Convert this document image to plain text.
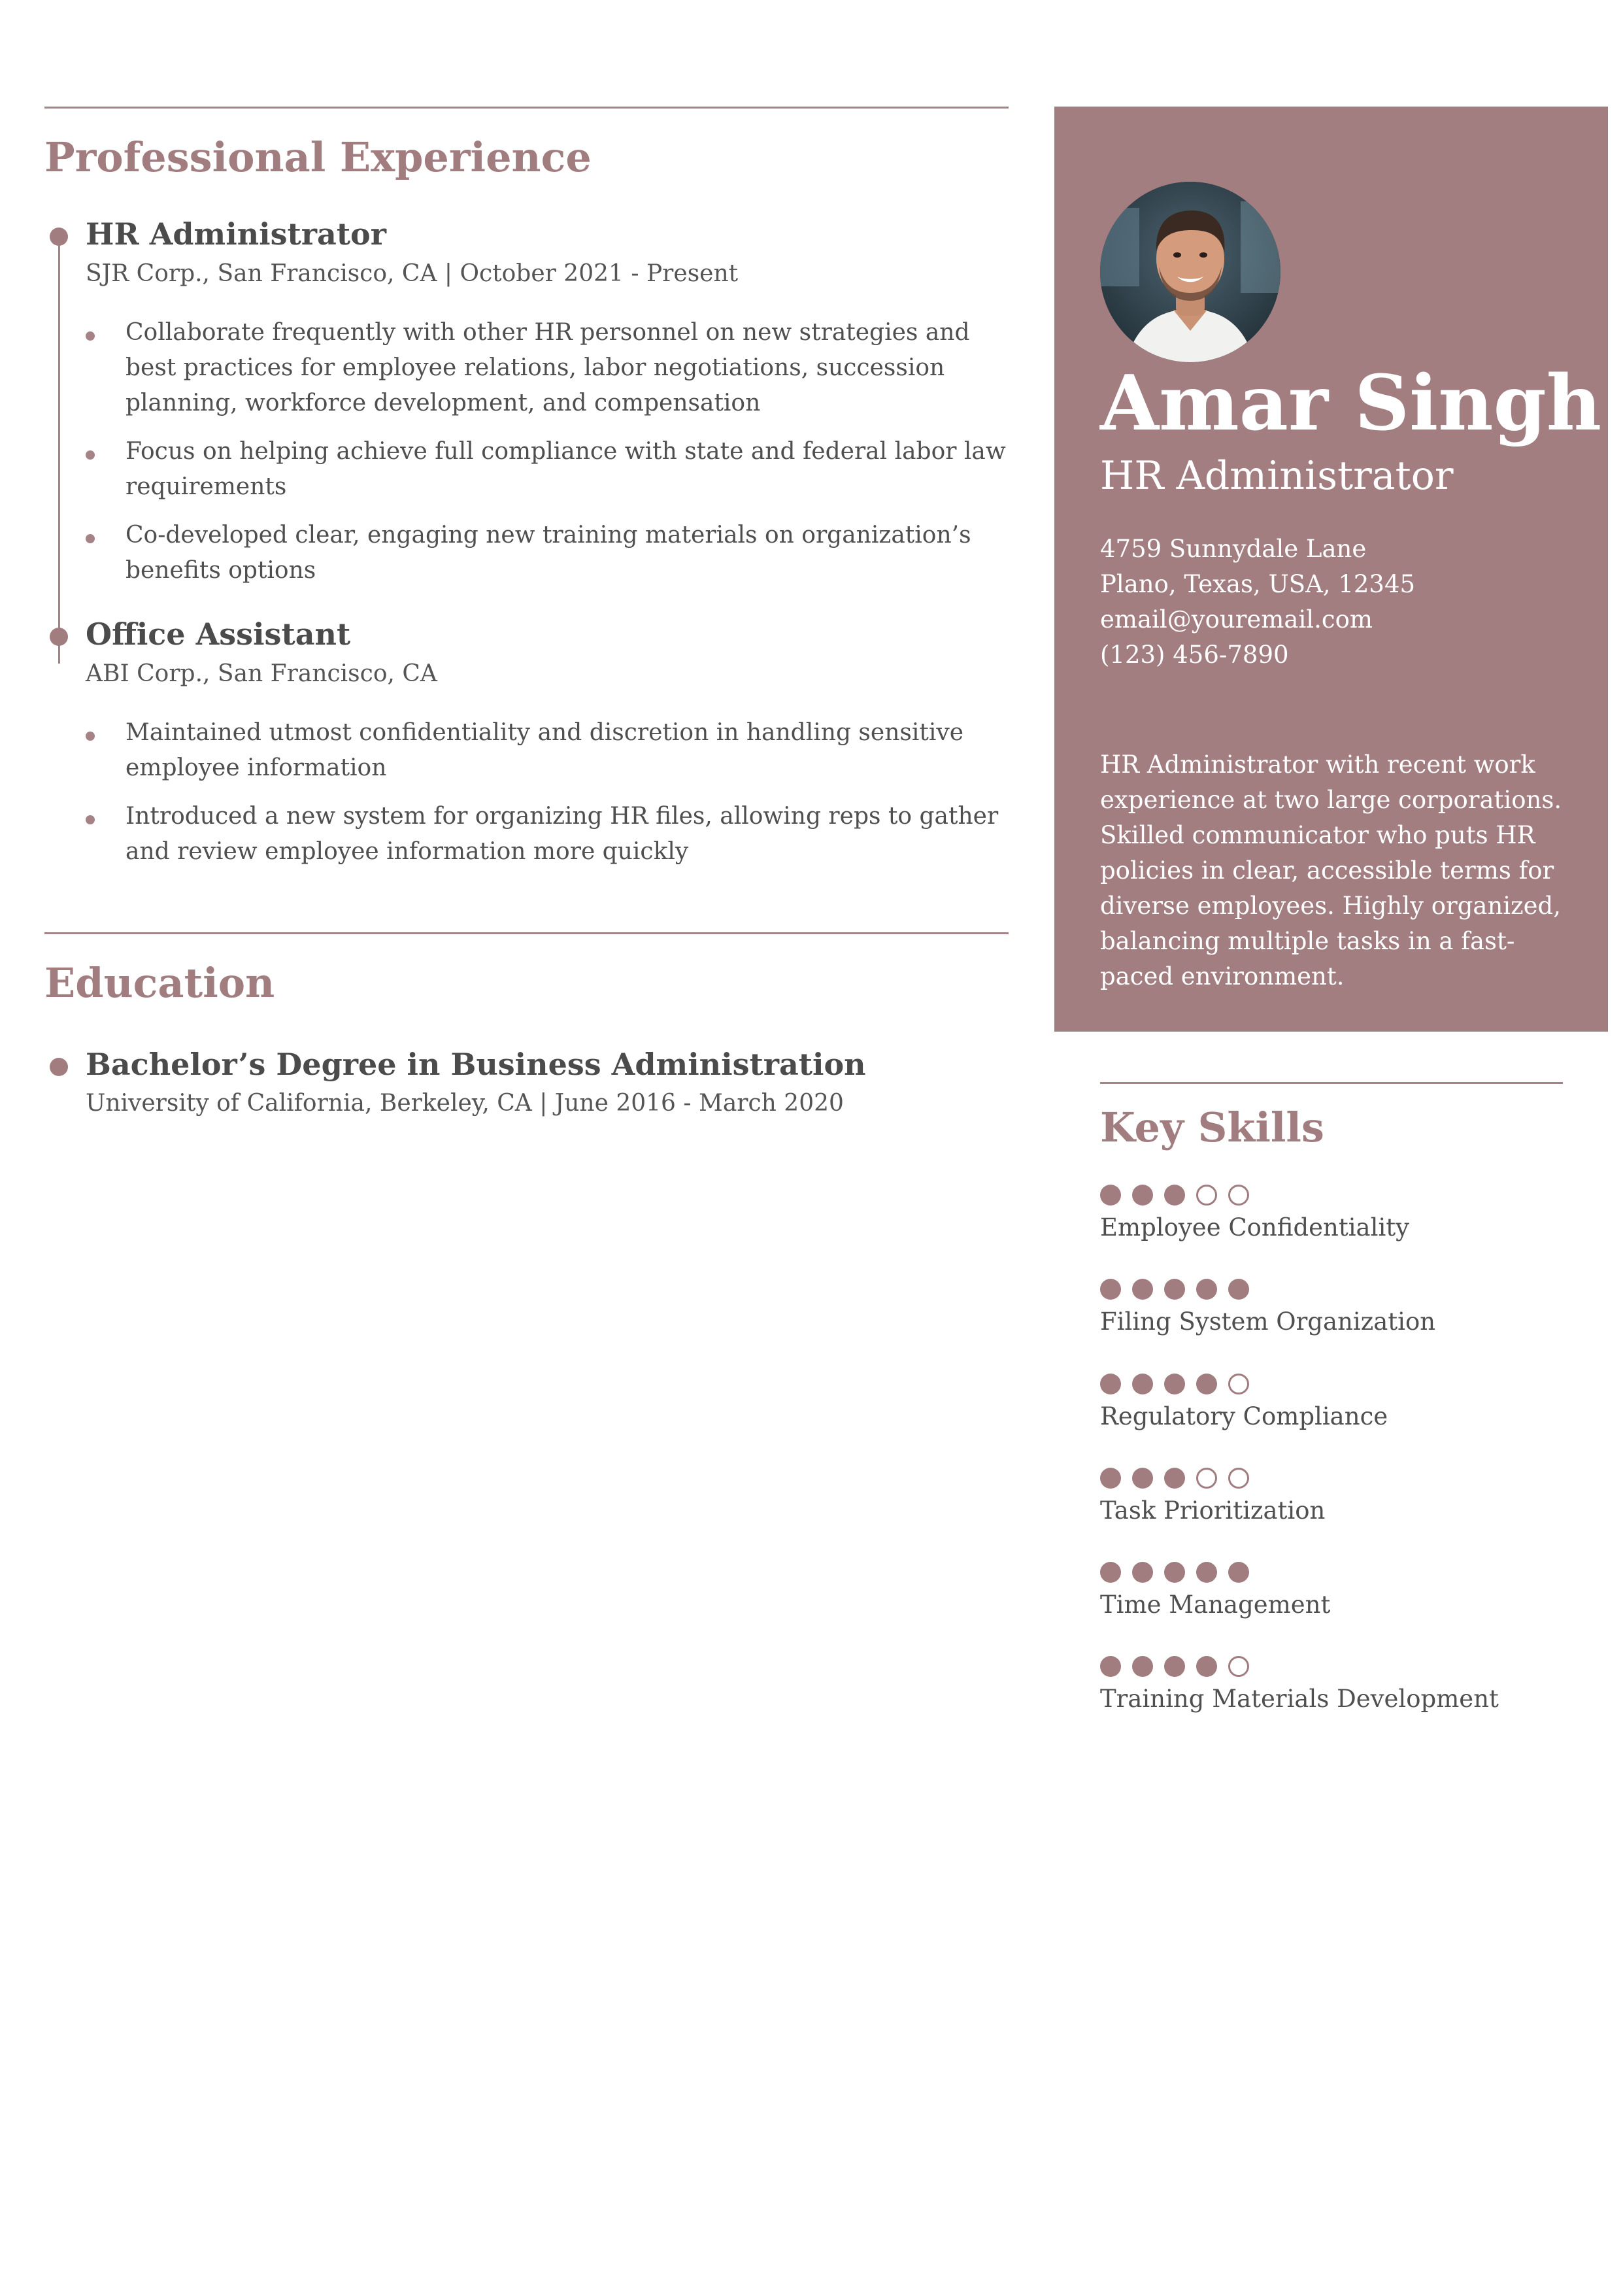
Professional Experience
HR Administrator
SJR Corp., San Francisco, CA | October 2021 - Present
Collaborate frequently with other HR personnel on new strategies and best practices for employee relations, labor negotiations, succession planning, workforce development, and compensation
Focus on helping achieve full compliance with state and federal labor law requirements
Co-developed clear, engaging new training materials on organization’s benefits options
Office Assistant
ABI Corp., San Francisco, CA
Maintained utmost confidentiality and discretion in handling sensitive employee information
Introduced a new system for organizing HR files, allowing reps to gather and review employee information more quickly
Education
Bachelor’s Degree in Business Administration
University of California, Berkeley, CA | June 2016 - March 2020
Amar Singh
HR Administrator
4759 Sunnydale Lane
Plano, Texas, USA, 12345
email@youremail.com
(123) 456-7890
HR Administrator with recent work experience at two large corporations. Skilled communicator who puts HR policies in clear, accessible terms for diverse employees. Highly organized, balancing multiple tasks in a fast-paced environment.
Key Skills
Employee Confidentiality
Filing System Organization
Regulatory Compliance
Task Prioritization
Time Management
Training Materials Development
